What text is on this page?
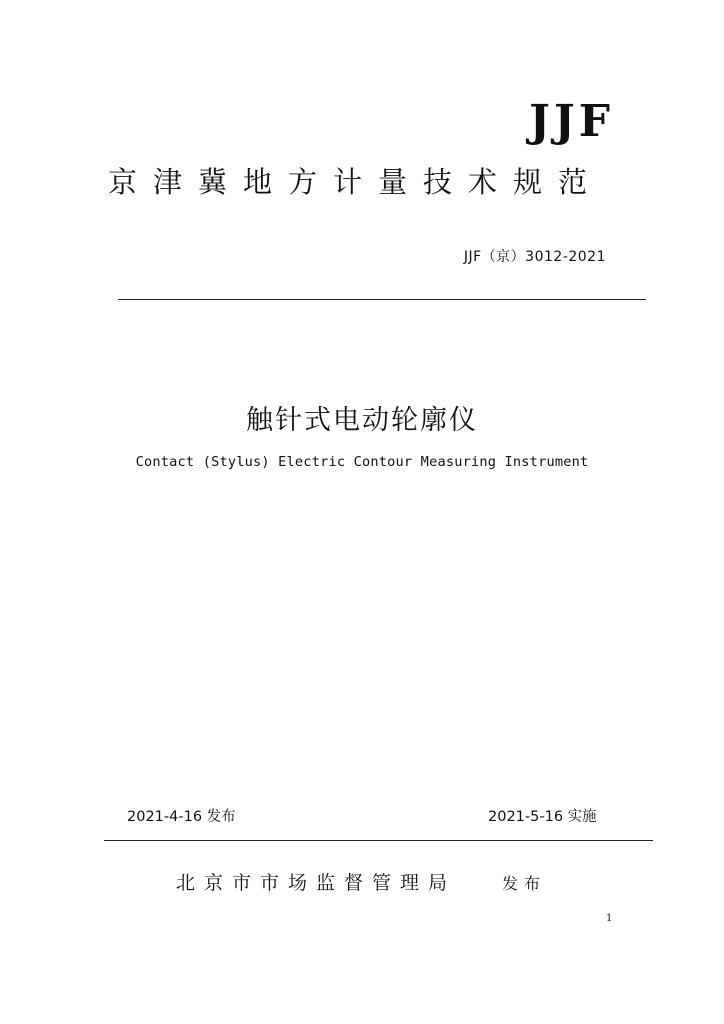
JJF
京津冀地方计量技术规范
JJF（京）3012-2021
触针式电动轮廓仪
Contact (Stylus) Electric Contour Measuring Instrument
2021-4-16 发布	2021-5-16 实施
北京市市场监督管理局	发布
1
